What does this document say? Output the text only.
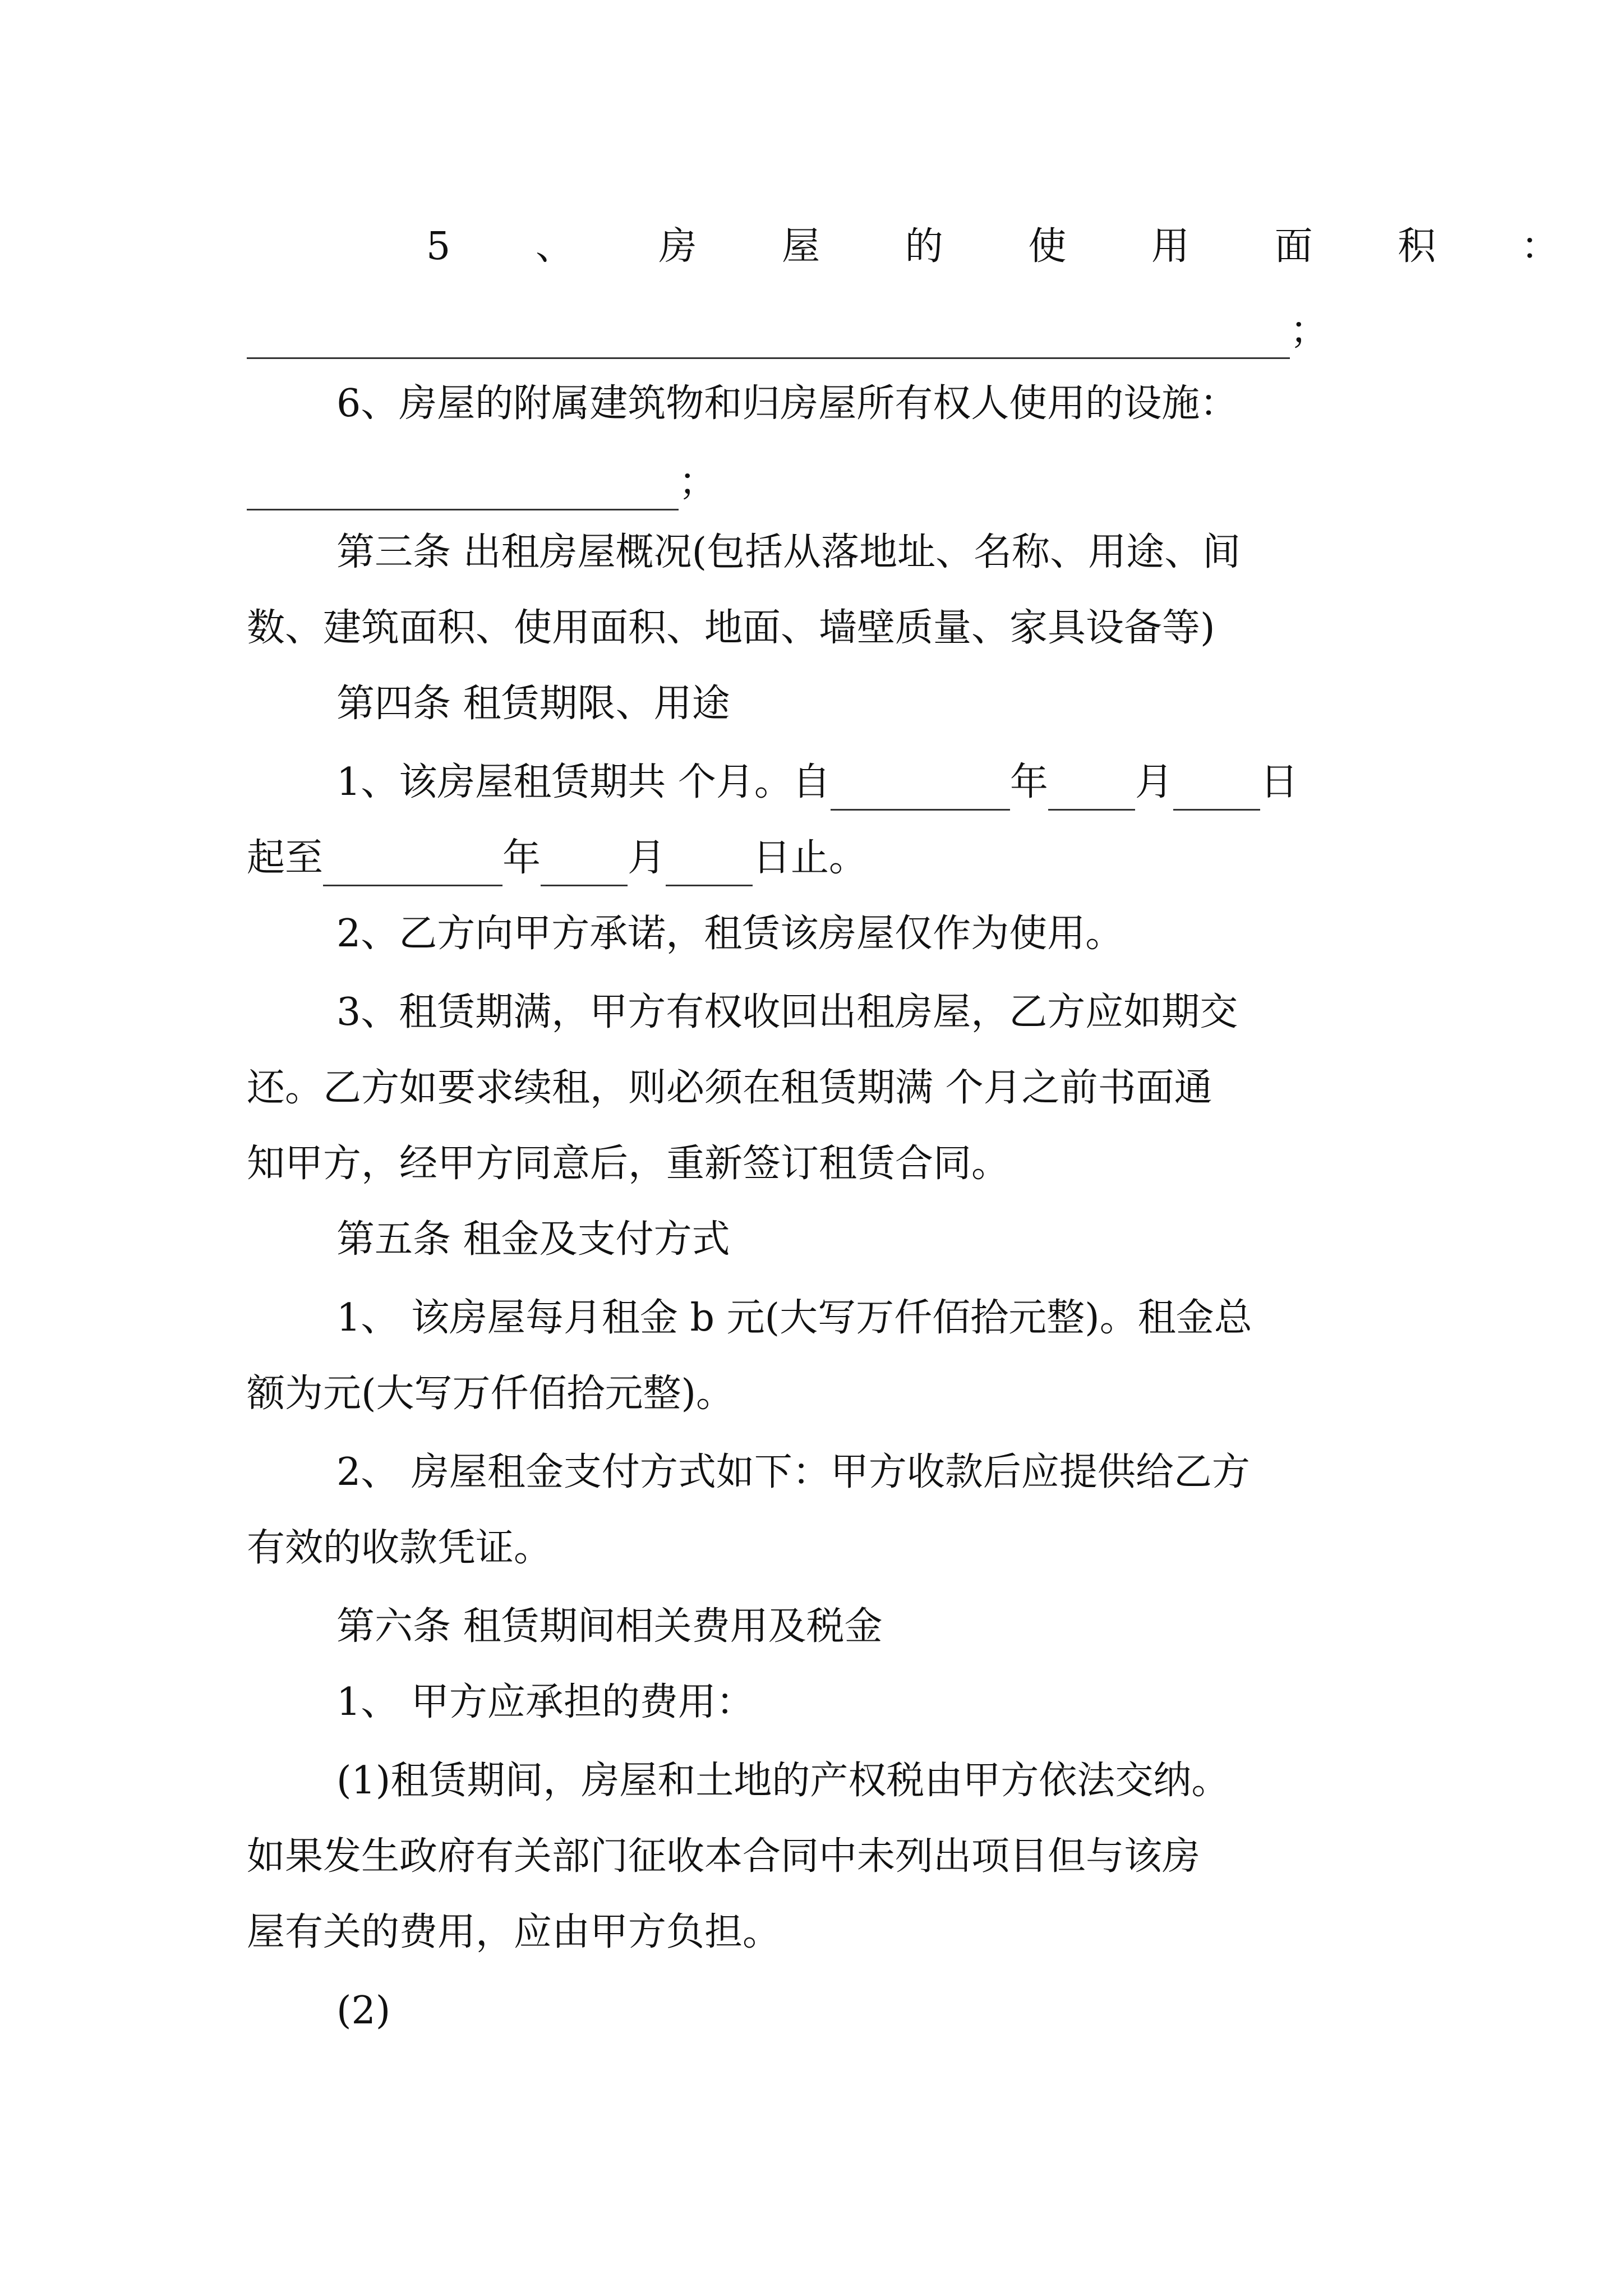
5 、 房 屋 的 使 用 面 积 ：
；
6、房屋的附属建筑物和归房屋所有权人使用的设施：
；
第三条 出租房屋概况(包括从落地址、名称、用途、间
数、建筑面积、使用面积、地面、墙壁质量、家具设备等)
第四条 租赁期限、用途
1、该房屋租赁期共 个月。自	年 月 日
起至	年 月 日止。
2、乙方向甲方承诺，租赁该房屋仅作为使用。
3、租赁期满，甲方有权收回出租房屋，乙方应如期交
还。乙方如要求续租，则必须在租赁期满 个月之前书面通
知甲方，经甲方同意后，重新签订租赁合同。
第五条 租金及支付方式
1、 该房屋每月租金 b 元(大写万仟佰拾元整)。租金总
额为元(大写万仟佰拾元整)。
2、 房屋租金支付方式如下：甲方收款后应提供给乙方
有效的收款凭证。
第六条 租赁期间相关费用及税金
1、 甲方应承担的费用：
(1)租赁期间，房屋和土地的产权税由甲方依法交纳。
如果发生政府有关部门征收本合同中未列出项目但与该房
屋有关的费用，应由甲方负担。
(2)
